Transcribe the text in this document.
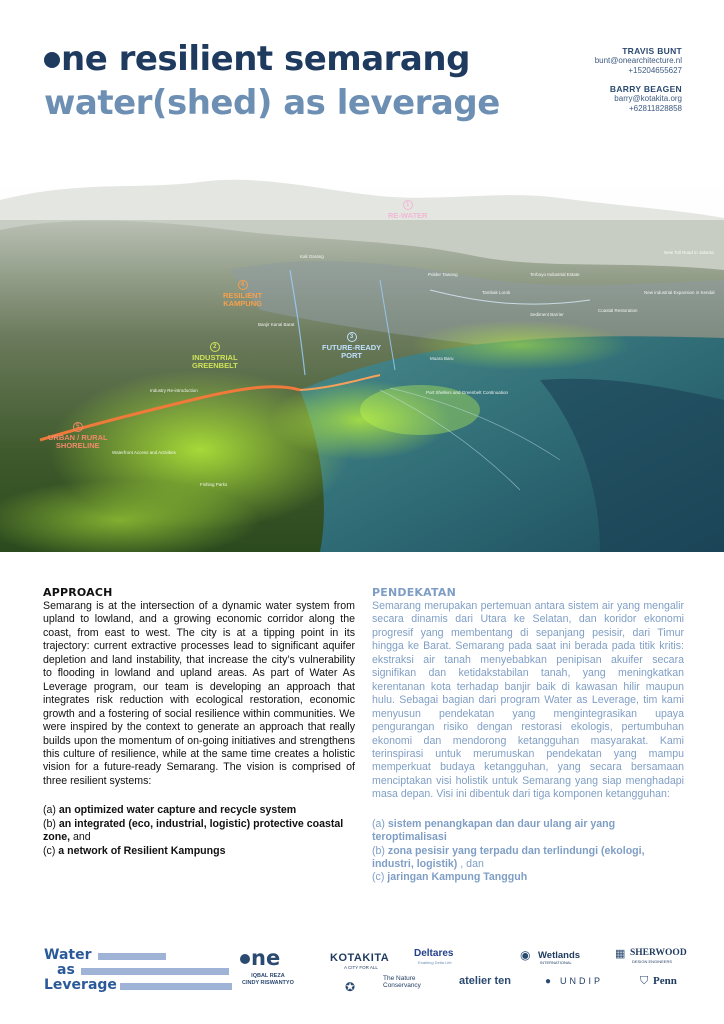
ne resilient semarang
water(shed) as leverage
TRAVIS BUNT
bunt@onearchitecture.nl
+15204655627
BARRY BEAGEN
barry@kotakita.org
+62811828858
1
RE-WATER

4
RESILIENT
KAMPUNG

2
INDUSTRIAL
GREENBELT

3
FUTURE-READY
PORT

5
URBAN / RURAL
SHORELINE

Kali Garang
Banjir Kanal Barat
Polder Tawang
Tambak Lorok
Terboyo Industrial Estate
Muara Baru
Port Shellers and Greenbelt Continuation
New Toll Road in Jakarta
New industrial Expansion in Kendal
Waterfront Access and Activities
Industry Re-introduction
Coastal Restoration
Sediment Barrier
Fishing Parks
APPROACH

Semarang is at the intersection of a dynamic water system from upland to lowland, and a growing economic corridor along the coast, from east to west. The city is at a tipping point in its trajectory: current extractive processes lead to significant aquifer depletion and land instability, that increase the city’s vulnerability to flooding in lowland and upland areas. As part of Water As Leverage program, our team is developing an approach that integrates risk reduction with ecological restoration, economic growth and a fostering of social resilience within communities. We were inspired by the context to generate an approach that really builds upon the momentum of on-going initiatives and strengthens this culture of resilience, while at the same time creates a holistic vision for a future-ready Semarang. The vision is comprised of three resilient systems:

(a) an optimized water capture and recycle system
(b) an integrated (eco, industrial, logistic) protective coastal zone, and
(c) a network of Resilient Kampungs
PENDEKATAN

Semarang merupakan pertemuan antara sistem air yang mengalir secara dinamis dari Utara ke Selatan, dan koridor ekonomi progresif yang membentang di sepanjang pesisir, dari Timur hingga ke Barat. Semarang pada saat ini berada pada titik kritis: ekstraksi air tanah menyebabkan penipisan akuifer secara signifikan dan ketidakstabilan tanah, yang meningkatkan kerentanan kota terhadap banjir baik di kawasan hilir maupun hulu. Sebagai bagian dari program Water as Leverage, tim kami menyusun pendekatan yang mengintegrasikan upaya pengurangan risiko dengan restorasi ekologis, pertumbuhan ekonomi dan mendorong ketangguhan masyarakat. Kami terinspirasi untuk merumuskan pendekatan yang mampu memperkuat budaya ketangguhan, yang secara bersamaan menciptakan visi holistik untuk Semarang yang siap menghadapi masa depan. Visi ini dibentuk dari tiga komponen ketangguhan:

(a) sistem penangkapan dan daur ulang air yang teroptimalisasi
(b) zona pesisir yang terpadu dan terlindungi (ekologi, industri, logistik) , dan
(c) jaringan Kampung Tangguh
Water
as
Leverage
ne
IQBAL REZA
CINDY RISWANTYO
KOTAKITA
A CITY FOR ALL
✪
Deltares
Enabling Delta Life
The Nature Conservancy
◉ Wetlands
INTERNATIONAL
atelier ten	● UNDIP
▦ SHERWOOD
DESIGN ENGINEERS
⛉ Penn
